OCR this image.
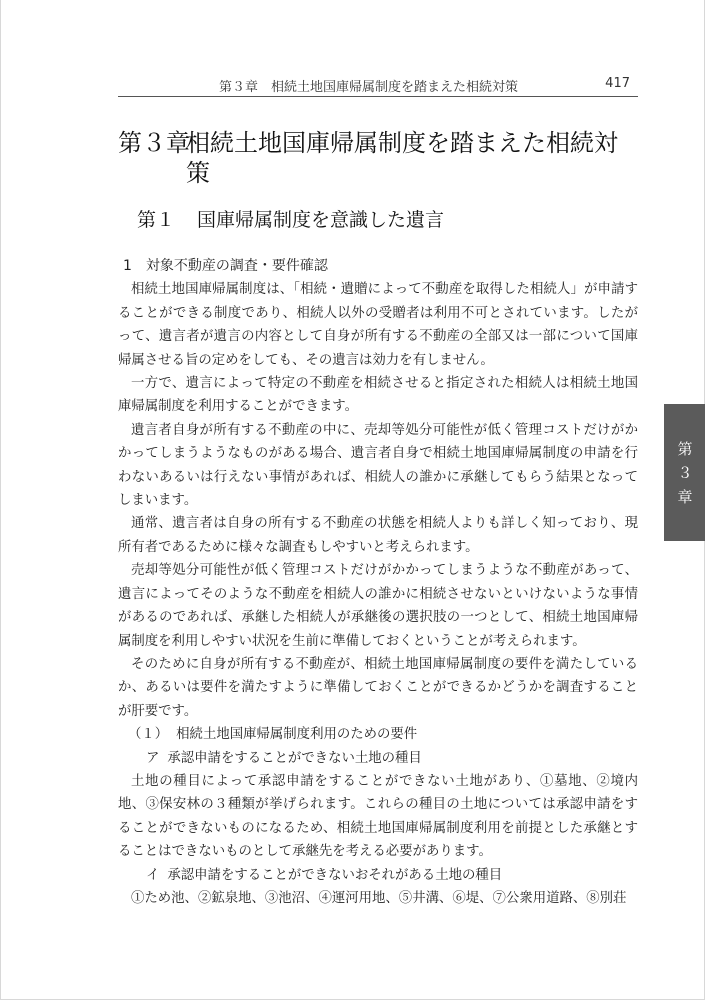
第３章　相続土地国庫帰属制度を踏まえた相続対策	417
第３章
相続土地国庫帰属制度を踏まえた相続対策
第１ 国庫帰属制度を意識した遺言

1 対象不動産の調査・要件確認

相続土地国庫帰属制度は、「相続・遺贈によって不動産を取得した相続人」が申請することができる制度であり、相続人以外の受贈者は利用不可とされています。したがって、遺言者が遺言の内容として自身が所有する不動産の全部又は一部について国庫帰属させる旨の定めをしても、その遺言は効力を有しません。

一方で、遺言によって特定の不動産を相続させると指定された相続人は相続土地国庫帰属制度を利用することができます。

遺言者自身が所有する不動産の中に、売却等処分可能性が低く管理コストだけがかかってしまうようなものがある場合、遺言者自身で相続土地国庫帰属制度の申請を行わないあるいは行えない事情があれば、相続人の誰かに承継してもらう結果となってしまいます。

通常、遺言者は自身の所有する不動産の状態を相続人よりも詳しく知っており、現所有者であるために様々な調査もしやすいと考えられます。

売却等処分可能性が低く管理コストだけがかかってしまうような不動産があって、遺言によってそのような不動産を相続人の誰かに相続させないといけないような事情があるのであれば、承継した相続人が承継後の選択肢の一つとして、相続土地国庫帰属制度を利用しやすい状況を生前に準備しておくということが考えられます。

そのために自身が所有する不動産が、相続土地国庫帰属制度の要件を満たしているか、あるいは要件を満たすように準備しておくことができるかどうかを調査することが肝要です。

（１） 相続土地国庫帰属制度利用のための要件

ア 承認申請をすることができない土地の種目

土地の種目によって承認申請をすることができない土地があり、①墓地、②境内地、③保安林の３種類が挙げられます。これらの種目の土地については承認申請をすることができないものになるため、相続土地国庫帰属制度利用を前提とした承継とすることはできないものとして承継先を考える必要があります。

イ 承認申請をすることができないおそれがある土地の種目

①ため池、②鉱泉地、③池沼、④運河用地、⑤井溝、⑥堤、⑦公衆用道路、⑧別荘

第
３
章
